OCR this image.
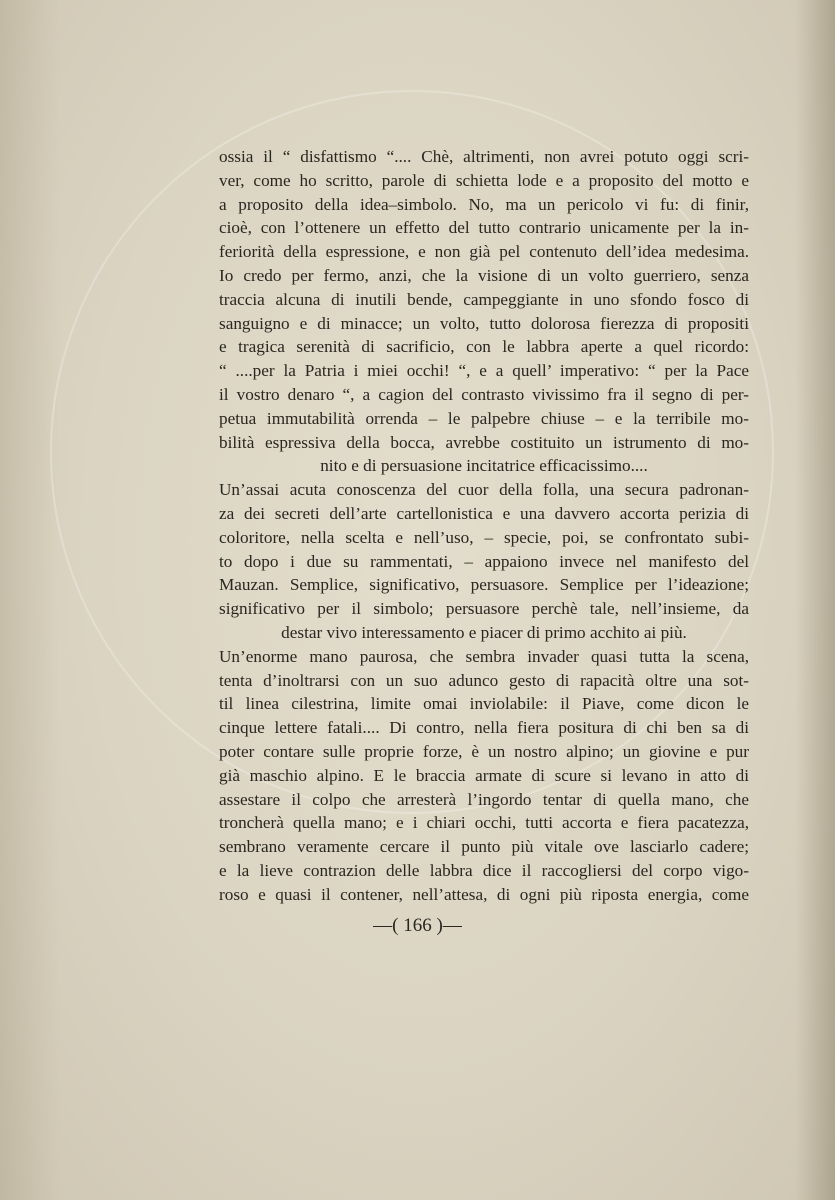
ossia il “ disfattismo “.... Chè, altrimenti, non avrei potuto oggi scri-
ver, come ho scritto, parole di schietta lode e a proposito del motto e
a proposito della idea–simbolo. No, ma un pericolo vi fu: di finir,
cioè, con l’ottenere un effetto del tutto contrario unicamente per la in-
feriorità della espressione, e non già pel contenuto dell’idea medesima.
Io credo per fermo, anzi, che la visione di un volto guerriero, senza
traccia alcuna di inutili bende, campeggiante in uno sfondo fosco di
sanguigno e di minacce; un volto, tutto dolorosa fierezza di propositi
e tragica serenità di sacrificio, con le labbra aperte a quel ricordo:
“ ....per la Patria i miei occhi! “, e a quell’ imperativo: “ per la Pace
il vostro denaro “, a cagion del contrasto vivissimo fra il segno di per-
petua immutabilità orrenda – le palpebre chiuse – e la terribile mo-
bilità espressiva della bocca, avrebbe costituito un istrumento di mo-
nito e di persuasione incitatrice efficacissimo....
Un’assai acuta conoscenza del cuor della folla, una secura padronan-
za dei secreti dell’arte cartellonistica e una davvero accorta perizia di
coloritore, nella scelta e nell’uso, – specie, poi, se confrontato subi-
to dopo i due su rammentati, – appaiono invece nel manifesto del
Mauzan. Semplice, significativo, persuasore. Semplice per l’ideazione;
significativo per il simbolo; persuasore perchè tale, nell’insieme, da
destar vivo interessamento e piacer di primo acchito ai più.
Un’enorme mano paurosa, che sembra invader quasi tutta la scena,
tenta d’inoltrarsi con un suo adunco gesto di rapacità oltre una sot-
til linea cilestrina, limite omai inviolabile: il Piave, come dicon le
cinque lettere fatali.... Di contro, nella fiera positura di chi ben sa di
poter contare sulle proprie forze, è un nostro alpino; un giovine e pur
già maschio alpino. E le braccia armate di scure si levano in atto di
assestare il colpo che arresterà l’ingordo tentar di quella mano, che
troncherà quella mano; e i chiari occhi, tutti accorta e fiera pacatezza,
sembrano veramente cercare il punto più vitale ove lasciarlo cadere;
e la lieve contrazion delle labbra dice il raccogliersi del corpo vigo-
roso e quasi il contener, nell’attesa, di ogni più riposta energia, come
—( 166 )—
